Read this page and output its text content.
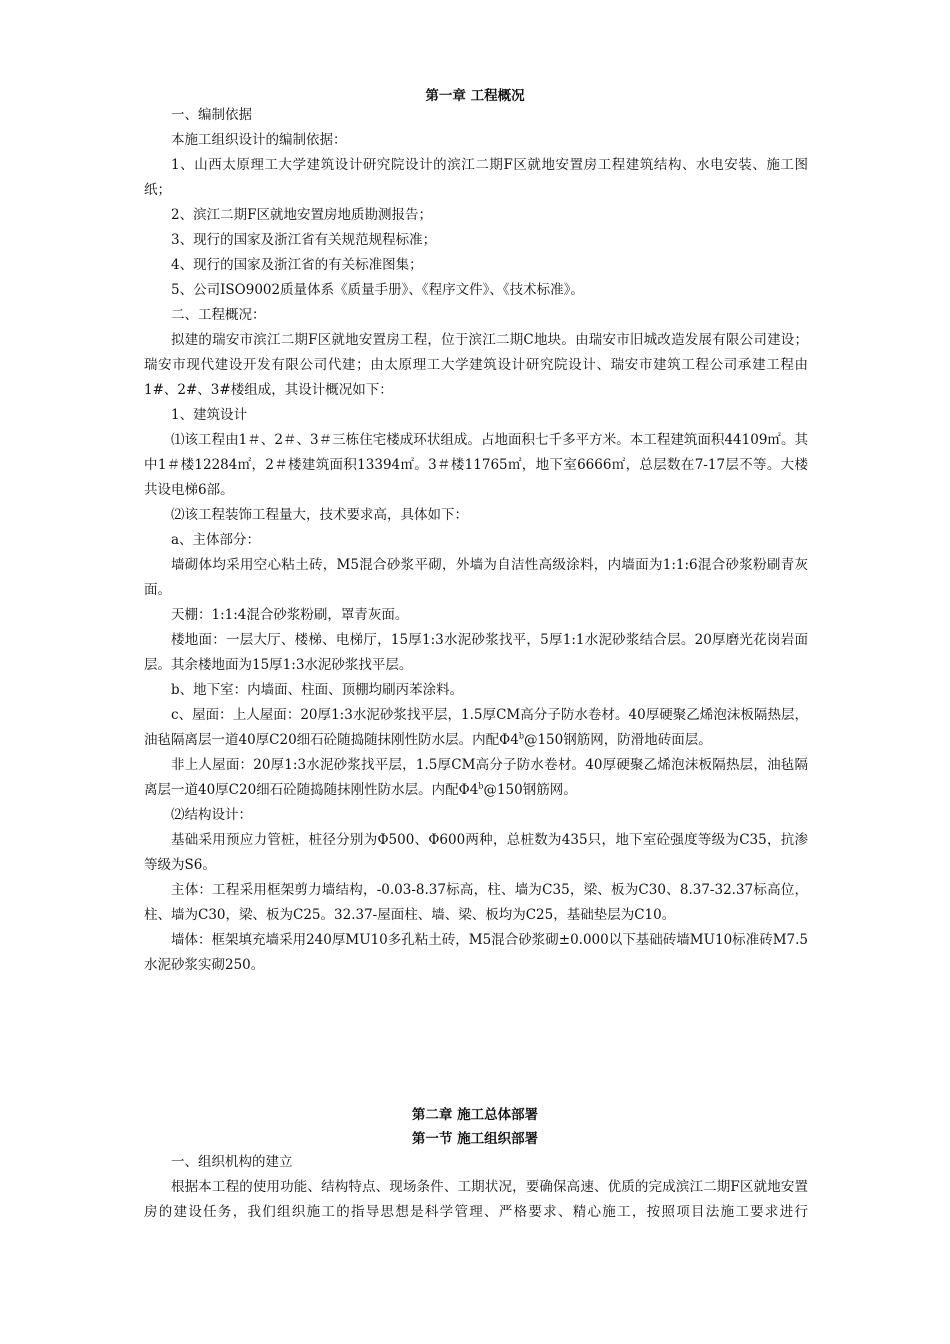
第一章 工程概况
一、编制依据
本施工组织设计的编制依据：

1、山西太原理工大学建筑设计研究院设计的滨江二期F区就地安置房工程建筑结构、水电安装、施工图纸；

2、滨江二期F区就地安置房地质勘测报告；
3、现行的国家及浙江省有关规范规程标准；
4、现行的国家及浙江省的有关标准图集；
5、公司ISO9002质量体系《质量手册》、《程序文件》、《技术标准》。
二、工程概况：

拟建的瑞安市滨江二期F区就地安置房工程，位于滨江二期C地块。由瑞安市旧城改造发展有限公司建设；瑞安市现代建设开发有限公司代建；由太原理工大学建筑设计研究院设计、瑞安市建筑工程公司承建工程由1#、2#、3#楼组成，其设计概况如下：

1、建筑设计

⑴该工程由1＃、2＃、3＃三栋住宅楼成环状组成。占地面积七千多平方米。本工程建筑面积44109㎡。其中1＃楼12284㎡，2＃楼建筑面积13394㎡。3＃楼11765㎡，地下室6666㎡，总层数在7-17层不等。大楼共设电梯6部。

⑵该工程装饰工程量大，技术要求高，具体如下：
a、主体部分：

墙砌体均采用空心粘土砖，M5混合砂浆平砌，外墙为自洁性高级涂料，内墙面为1:1:6混合砂浆粉刷青灰面。

天棚：1:1:4混合砂浆粉刷，罩青灰面。

楼地面：一层大厅、楼梯、电梯厅，15厚1:3水泥砂浆找平，5厚1:1水泥砂浆结合层。20厚磨光花岗岩面层。其余楼地面为15厚1:3水泥砂浆找平层。

b、地下室：内墙面、柱面、顶棚均刷丙苯涂料。

c、屋面：上人屋面：20厚1:3水泥砂浆找平层，1.5厚CM高分子防水卷材。40厚硬聚乙烯泡沫板隔热层，油毡隔离层一道40厚C20细石砼随捣随抹刚性防水层。内配Φ4$^b$@150钢筋网，防滑地砖面层。

非上人屋面：20厚1:3水泥砂浆找平层，1.5厚CM高分子防水卷材。40厚硬聚乙烯泡沫板隔热层，油毡隔离层一道40厚C20细石砼随捣随抹刚性防水层。内配Φ4$^b$@150钢筋网。

⑵结构设计：

基础采用预应力管桩，桩径分别为Φ500、Φ600两种，总桩数为435只，地下室砼强度等级为C35，抗渗等级为S6。

主体：工程采用框架剪力墙结构，-0.03-8.37标高，柱、墙为C35，梁、板为C30、8.37-32.37标高位，柱、墙为C30，梁、板为C25。32.37-屋面柱、墙、梁、板均为C25，基础垫层为C10。

墙体：框架填充墙采用240厚MU10多孔粘土砖，M5混合砂浆砌±0.000以下基础砖墙MU10标准砖M7.5水泥砂浆实砌250。

第二章 施工总体部署
第一节 施工组织部署
一、组织机构的建立

根据本工程的使用功能、结构特点、现场条件、工期状况，要确保高速、优质的完成滨江二期F区就地安置房的建设任务，我们组织施工的指导思想是科学管理、严格要求、精心施工，按照项目法施工要求进行
